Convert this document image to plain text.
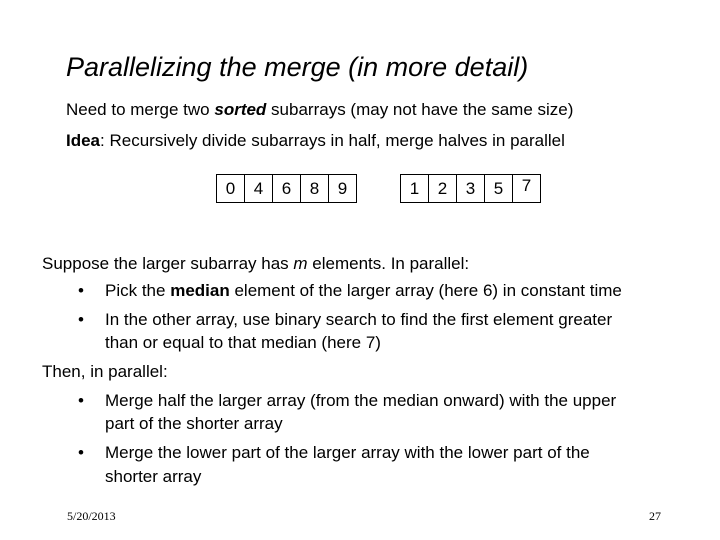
Parallelizing the merge (in more detail)
Need to merge two sorted subarrays (may not have the same size)
Idea: Recursively divide subarrays in half, merge halves in parallel
0	4	6	8	9	1	2	3	5	7
Suppose the larger subarray has m elements. In parallel:
• Pick the median element of the larger array (here 6) in constant time
• In the other array, use binary search to find the first element greater
than or equal to that median (here 7)
Then, in parallel:
• Merge half the larger array (from the median onward) with the upper
part of the shorter array
• Merge the lower part of the larger array with the lower part of the
shorter array
5/20/2013	27
